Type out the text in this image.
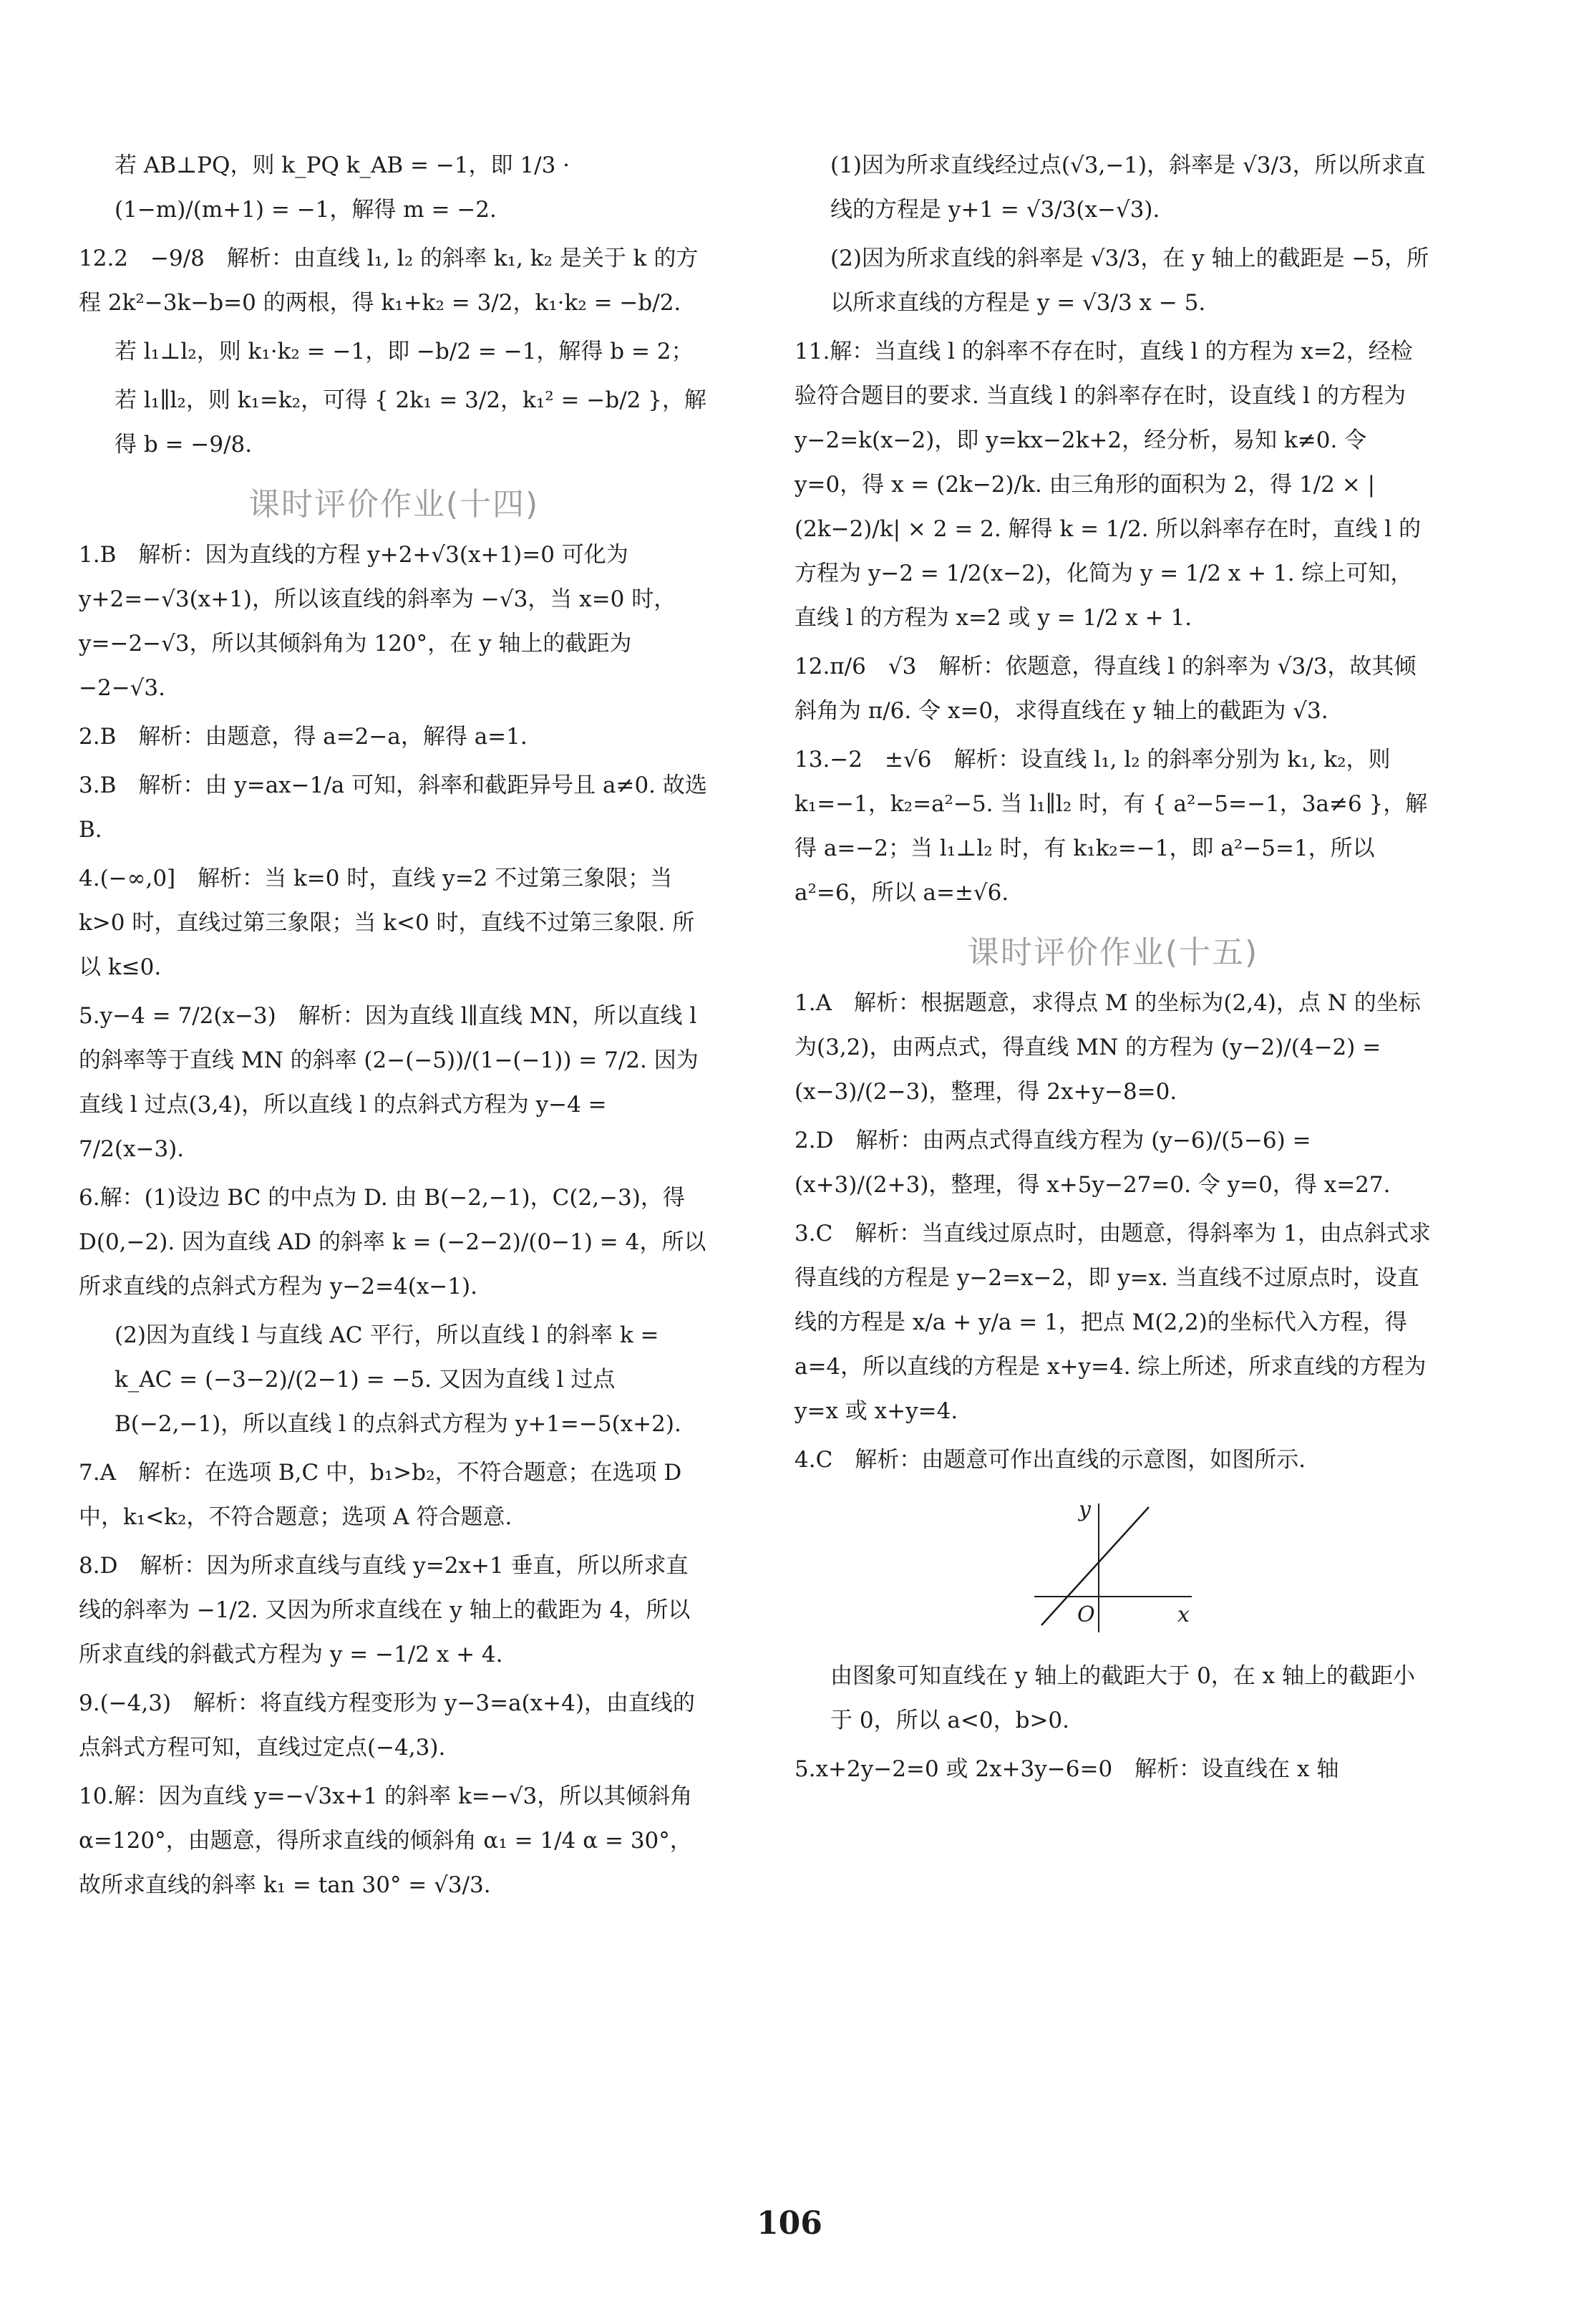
若 AB⊥PQ，则 k_PQ k_AB = −1，即 1/3 · (1−m)/(m+1) = −1，解得 m = −2.
12.2　−9/8　解析：由直线 l₁, l₂ 的斜率 k₁, k₂ 是关于 k 的方程 2k²−3k−b=0 的两根，得 k₁+k₂ = 3/2，k₁·k₂ = −b/2.
若 l₁⊥l₂，则 k₁·k₂ = −1，即 −b/2 = −1，解得 b = 2；
若 l₁∥l₂，则 k₁=k₂，可得 { 2k₁ = 3/2，k₁² = −b/2 }，解得 b = −9/8.
课时评价作业(十四)
1.B　解析：因为直线的方程 y+2+√3(x+1)=0 可化为 y+2=−√3(x+1)，所以该直线的斜率为 −√3，当 x=0 时，y=−2−√3，所以其倾斜角为 120°，在 y 轴上的截距为 −2−√3.
2.B　解析：由题意，得 a=2−a，解得 a=1.
3.B　解析：由 y=ax−1/a 可知，斜率和截距异号且 a≠0. 故选 B.
4.(−∞,0]　解析：当 k=0 时，直线 y=2 不过第三象限；当 k>0 时，直线过第三象限；当 k<0 时，直线不过第三象限. 所以 k≤0.
5.y−4 = 7/2(x−3)　解析：因为直线 l∥直线 MN，所以直线 l 的斜率等于直线 MN 的斜率 (2−(−5))/(1−(−1)) = 7/2. 因为直线 l 过点(3,4)，所以直线 l 的点斜式方程为 y−4 = 7/2(x−3).
6.解：(1)设边 BC 的中点为 D. 由 B(−2,−1)，C(2,−3)，得 D(0,−2). 因为直线 AD 的斜率 k = (−2−2)/(0−1) = 4，所以所求直线的点斜式方程为 y−2=4(x−1).
(2)因为直线 l 与直线 AC 平行，所以直线 l 的斜率 k = k_AC = (−3−2)/(2−1) = −5. 又因为直线 l 过点 B(−2,−1)，所以直线 l 的点斜式方程为 y+1=−5(x+2).
7.A　解析：在选项 B,C 中，b₁>b₂，不符合题意；在选项 D 中，k₁<k₂，不符合题意；选项 A 符合题意.
8.D　解析：因为所求直线与直线 y=2x+1 垂直，所以所求直线的斜率为 −1/2. 又因为所求直线在 y 轴上的截距为 4，所以所求直线的斜截式方程为 y = −1/2 x + 4.
9.(−4,3)　解析：将直线方程变形为 y−3=a(x+4)，由直线的点斜式方程可知，直线过定点(−4,3).
10.解：因为直线 y=−√3x+1 的斜率 k=−√3，所以其倾斜角 α=120°，由题意，得所求直线的倾斜角 α₁ = 1/4 α = 30°，故所求直线的斜率 k₁ = tan 30° = √3/3.
(1)因为所求直线经过点(√3,−1)，斜率是 √3/3，所以所求直线的方程是 y+1 = √3/3(x−√3).
(2)因为所求直线的斜率是 √3/3，在 y 轴上的截距是 −5，所以所求直线的方程是 y = √3/3 x − 5.
11.解：当直线 l 的斜率不存在时，直线 l 的方程为 x=2，经检验符合题目的要求. 当直线 l 的斜率存在时，设直线 l 的方程为 y−2=k(x−2)，即 y=kx−2k+2，经分析，易知 k≠0. 令 y=0，得 x = (2k−2)/k. 由三角形的面积为 2，得 1/2 × |(2k−2)/k| × 2 = 2. 解得 k = 1/2. 所以斜率存在时，直线 l 的方程为 y−2 = 1/2(x−2)，化简为 y = 1/2 x + 1. 综上可知，直线 l 的方程为 x=2 或 y = 1/2 x + 1.
12.π/6　√3　解析：依题意，得直线 l 的斜率为 √3/3，故其倾斜角为 π/6. 令 x=0，求得直线在 y 轴上的截距为 √3.
13.−2　±√6　解析：设直线 l₁, l₂ 的斜率分别为 k₁, k₂，则 k₁=−1，k₂=a²−5. 当 l₁∥l₂ 时，有 { a²−5=−1，3a≠6 }，解得 a=−2；当 l₁⊥l₂ 时，有 k₁k₂=−1，即 a²−5=1，所以 a²=6，所以 a=±√6.
课时评价作业(十五)
1.A　解析：根据题意，求得点 M 的坐标为(2,4)，点 N 的坐标为(3,2)，由两点式，得直线 MN 的方程为 (y−2)/(4−2) = (x−3)/(2−3)，整理，得 2x+y−8=0.
2.D　解析：由两点式得直线方程为 (y−6)/(5−6) = (x+3)/(2+3)，整理，得 x+5y−27=0. 令 y=0，得 x=27.
3.C　解析：当直线过原点时，由题意，得斜率为 1，由点斜式求得直线的方程是 y−2=x−2，即 y=x. 当直线不过原点时，设直线的方程是 x/a + y/a = 1，把点 M(2,2)的坐标代入方程，得 a=4，所以直线的方程是 x+y=4. 综上所述，所求直线的方程为 y=x 或 x+y=4.
4.C　解析：由题意可作出直线的示意图，如图所示.
y
x
O
由图象可知直线在 y 轴上的截距大于 0，在 x 轴上的截距小于 0，所以 a<0，b>0.
5.x+2y−2=0 或 2x+3y−6=0　解析：设直线在 x 轴
106
